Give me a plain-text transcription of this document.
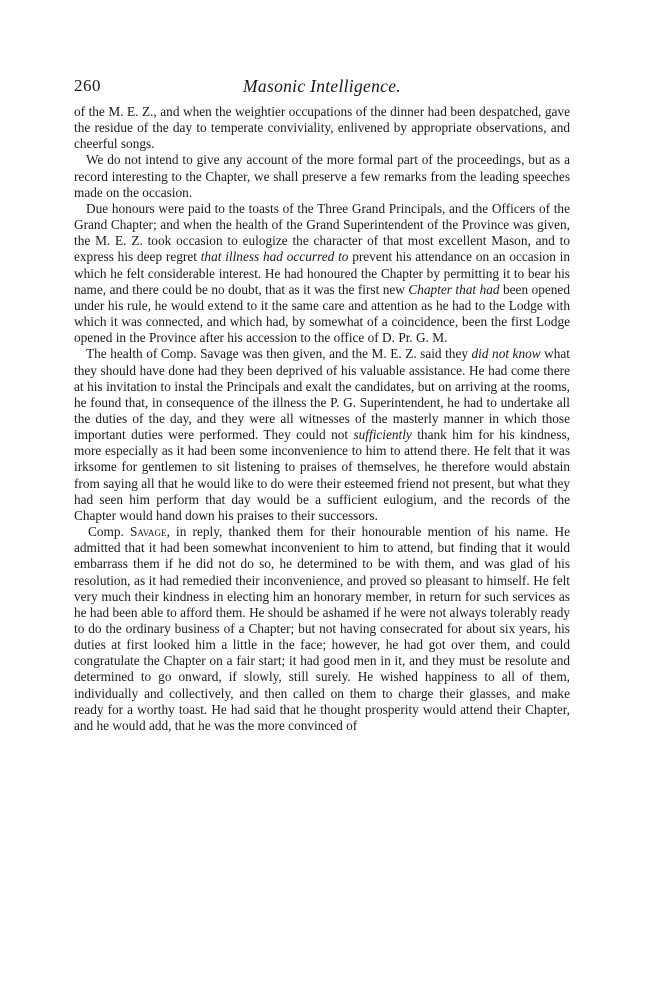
260	Masonic Intelligence.

of the M. E. Z., and when the weightier occupations of the dinner had been despatched, gave the residue of the day to temperate conviviality, enlivened by appropriate observations, and cheerful songs.

We do not intend to give any account of the more formal part of the proceedings, but as a record interesting to the Chapter, we shall preserve a few remarks from the leading speeches made on the occasion.

Due honours were paid to the toasts of the Three Grand Principals, and the Officers of the Grand Chapter; and when the health of the Grand Superintendent of the Province was given, the M. E. Z. took occasion to eulogize the character of that most excellent Mason, and to express his deep regret that illness had occurred to prevent his attendance on an occasion in which he felt considerable interest. He had honoured the Chapter by permitting it to bear his name, and there could be no doubt, that as it was the first new Chapter that had been opened under his rule, he would extend to it the same care and attention as he had to the Lodge with which it was connected, and which had, by somewhat of a coincidence, been the first Lodge opened in the Province after his accession to the office of D. Pr. G. M.

The health of Comp. Savage was then given, and the M. E. Z. said they did not know what they should have done had they been deprived of his valuable assistance. He had come there at his invitation to instal the Principals and exalt the candidates, but on arriving at the rooms, he found that, in consequence of the illness the P. G. Superintendent, he had to undertake all the duties of the day, and they were all witnesses of the masterly manner in which those important duties were performed. They could not sufficiently thank him for his kindness, more especially as it had been some inconvenience to him to attend there. He felt that it was irksome for gentlemen to sit listening to praises of themselves, he therefore would abstain from saying all that he would like to do were their esteemed friend not present, but what they had seen him perform that day would be a sufficient eulogium, and the records of the Chapter would hand down his praises to their successors.

Comp. Savage, in reply, thanked them for their honourable mention of his name. He admitted that it had been somewhat inconvenient to him to attend, but finding that it would embarrass them if he did not do so, he determined to be with them, and was glad of his resolution, as it had remedied their inconvenience, and proved so pleasant to himself. He felt very much their kindness in electing him an honorary member, in return for such services as he had been able to afford them. He should be ashamed if he were not always tolerably ready to do the ordinary business of a Chapter; but not having consecrated for about six years, his duties at first looked him a little in the face; however, he had got over them, and could congratulate the Chapter on a fair start; it had good men in it, and they must be resolute and determined to go onward, if slowly, still surely. He wished happiness to all of them, individually and collectively, and then called on them to charge their glasses, and make ready for a worthy toast. He had said that he thought prosperity would attend their Chapter, and he would add, that he was the more convinced of
